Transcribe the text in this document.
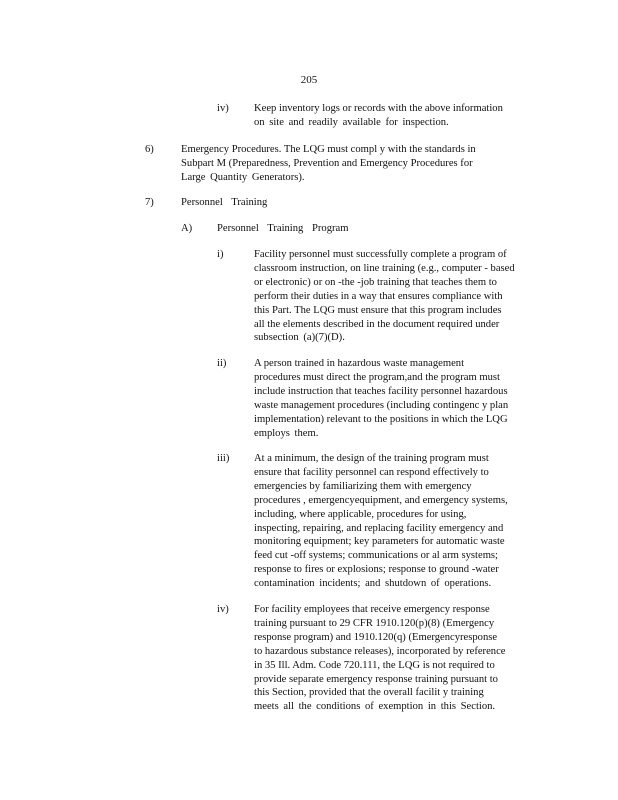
205
iv) Keep inventory logs or records with the above information
on site and readily available for inspection.
6)	Emergency Procedures. The LQG must compl y with the standards in
Subpart M (Preparedness, Prevention and Emergency Procedures for
Large Quantity Generators).
7)	Personnel Training
A) Personnel Training Program
i)	Facility personnel must successfully complete a program of
classroom instruction, on line training (e.g., computer - based
or electronic) or on -the -job training that teaches them to
perform their duties in a way that ensures compliance with
this Part. The LQG must ensure that this program includes
all the elements described in the document required under
subsection (a)(7)(D).
ii)	A person trained in hazardous waste management
procedures must direct the program,and the program must
include instruction that teaches facility personnel hazardous
waste management procedures (including contingenc y plan
implementation) relevant to the positions in which the LQG
employs them.
iii) At a minimum, the design of the training program must
ensure that facility personnel can respond effectively to
emergencies by familiarizing them with emergency
procedures , emergencyequipment, and emergency systems,
including, where applicable, procedures for using,
inspecting, repairing, and replacing facility emergency and
monitoring equipment; key parameters for automatic waste
feed cut -off systems; communications or al arm systems;
response to fires or explosions; response to ground -water
contamination incidents; and shutdown of operations.
iv) For facility employees that receive emergency response
training pursuant to 29 CFR 1910.120(p)(8) (Emergency
response program) and 1910.120(q) (Emergencyresponse
to hazardous substance releases), incorporated by reference
in 35 Ill. Adm. Code 720.111, the LQG is not required to
provide separate emergency response training pursuant to
this Section, provided that the overall facilit y training
meets all the conditions of exemption in this Section.
